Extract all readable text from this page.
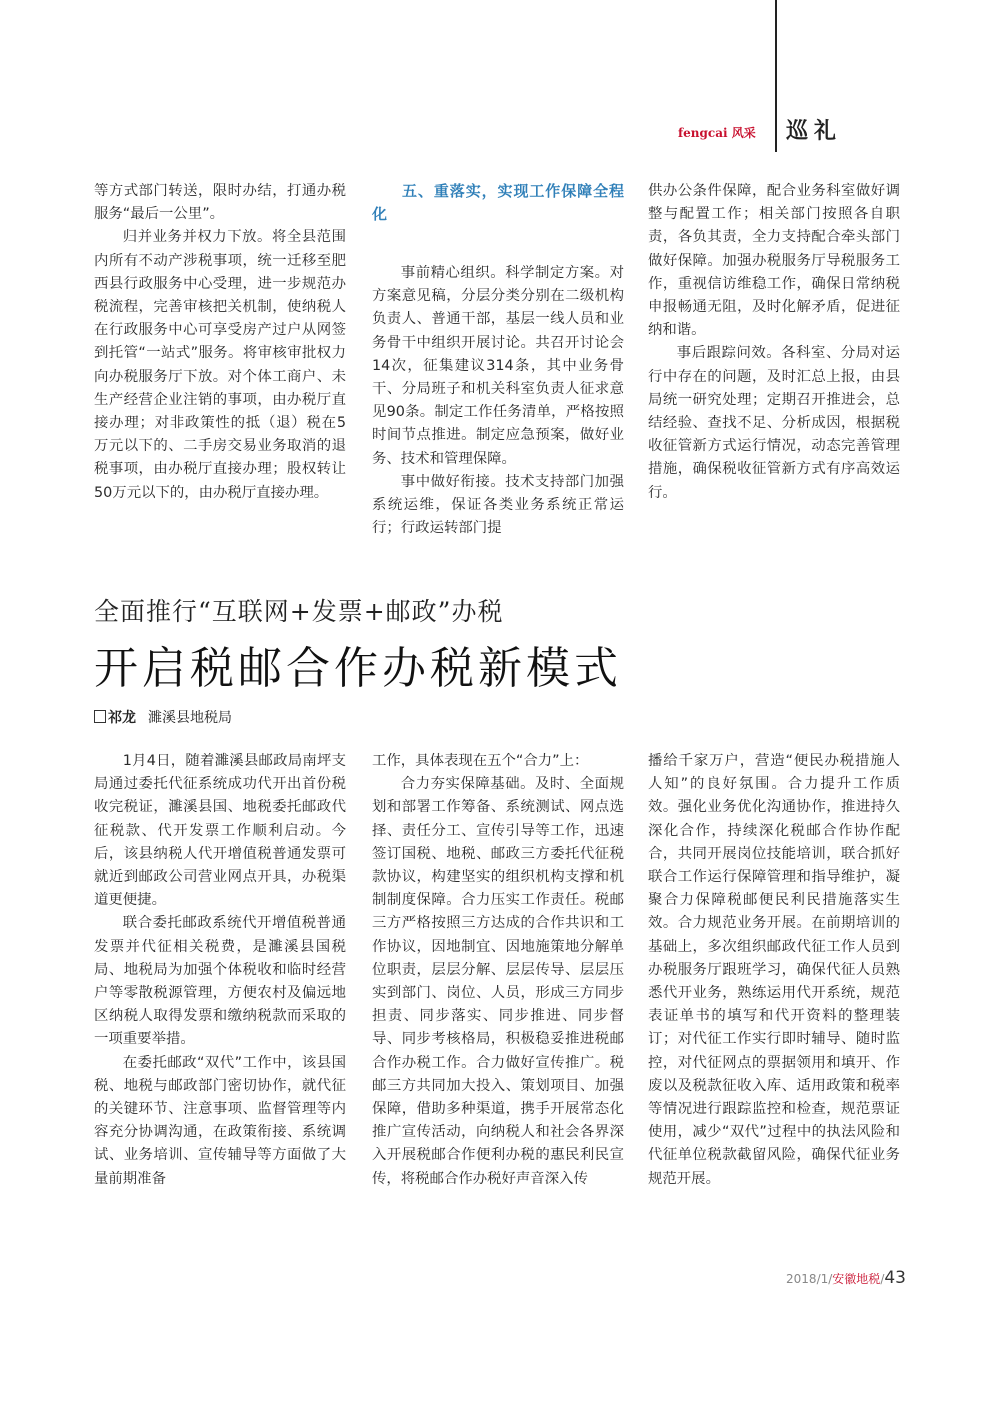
fengcai 风采 巡礼

等方式部门转送，限时办结，打通办税服务“最后一公里”。

归并业务并权力下放。将全县范围内所有不动产涉税事项，统一迁移至肥西县行政服务中心受理，进一步规范办税流程，完善审核把关机制，使纳税人在行政服务中心可享受房产过户从网签到托管“一站式”服务。将审核审批权力向办税服务厅下放。对个体工商户、未生产经营企业注销的事项，由办税厅直接办理；对非政策性的抵（退）税在5万元以下的、二手房交易业务取消的退税事项，由办税厅直接办理；股权转让50万元以下的，由办税厅直接办理。

五、重落实，实现工作保障全程化

事前精心组织。科学制定方案。对方案意见稿，分层分类分别在二级机构负责人、普通干部，基层一线人员和业务骨干中组织开展讨论。共召开讨论会14次，征集建议314条，其中业务骨干、分局班子和机关科室负责人征求意见90条。制定工作任务清单，严格按照时间节点推进。制定应急预案，做好业务、技术和管理保障。

事中做好衔接。技术支持部门加强系统运维，保证各类业务系统正常运行；行政运转部门提

供办公条件保障，配合业务科室做好调整与配置工作；相关部门按照各自职责，各负其责，全力支持配合牵头部门做好保障。加强办税服务厅导税服务工作，重视信访维稳工作，确保日常纳税申报畅通无阻，及时化解矛盾，促进征纳和谐。

事后跟踪问效。各科室、分局对运行中存在的问题，及时汇总上报，由县局统一研究处理；定期召开推进会，总结经验、查找不足、分析成因，根据税收征管新方式运行情况，动态完善管理措施，确保税收征管新方式有序高效运行。

全面推行“互联网+发票+邮政”办税
开启税邮合作办税新模式
祁龙 濉溪县地税局

1月4日，随着濉溪县邮政局南坪支局通过委托代征系统成功代开出首份税收完税证，濉溪县国、地税委托邮政代征税款、代开发票工作顺利启动。今后，该县纳税人代开增值税普通发票可就近到邮政公司营业网点开具，办税渠道更便捷。

联合委托邮政系统代开增值税普通发票并代征相关税费，是濉溪县国税局、地税局为加强个体税收和临时经营户等零散税源管理，方便农村及偏远地区纳税人取得发票和缴纳税款而采取的一项重要举措。

在委托邮政“双代”工作中，该县国税、地税与邮政部门密切协作，就代征的关键环节、注意事项、监督管理等内容充分协调沟通，在政策衔接、系统调试、业务培训、宣传辅导等方面做了大量前期准备

工作，具体表现在五个“合力”上：

合力夯实保障基础。及时、全面规划和部署工作筹备、系统测试、网点选择、责任分工、宣传引导等工作，迅速签订国税、地税、邮政三方委托代征税款协议，构建坚实的组织机构支撑和机制制度保障。合力压实工作责任。税邮三方严格按照三方达成的合作共识和工作协议，因地制宜、因地施策地分解单位职责，层层分解、层层传导、层层压实到部门、岗位、人员，形成三方同步担责、同步落实、同步推进、同步督导、同步考核格局，积极稳妥推进税邮合作办税工作。合力做好宣传推广。税邮三方共同加大投入、策划项目、加强保障，借助多种渠道，携手开展常态化推广宣传活动，向纳税人和社会各界深入开展税邮合作便利办税的惠民利民宣传，将税邮合作办税好声音深入传

播给千家万户，营造“便民办税措施人人知”的良好氛围。合力提升工作质效。强化业务优化沟通协作，推进持久深化合作，持续深化税邮合作协作配合，共同开展岗位技能培训，联合抓好联合工作运行保障管理和指导维护，凝聚合力保障税邮便民利民措施落实生效。合力规范业务开展。在前期培训的基础上，多次组织邮政代征工作人员到办税服务厅跟班学习，确保代征人员熟悉代开业务，熟练运用代开系统，规范表证单书的填写和代开资料的整理装订；对代征工作实行即时辅导、随时监控，对代征网点的票据领用和填开、作废以及税款征收入库、适用政策和税率等情况进行跟踪监控和检查，规范票证使用，减少“双代”过程中的执法风险和代征单位税款截留风险，确保代征业务规范开展。

2018/1/安徽地税/43
